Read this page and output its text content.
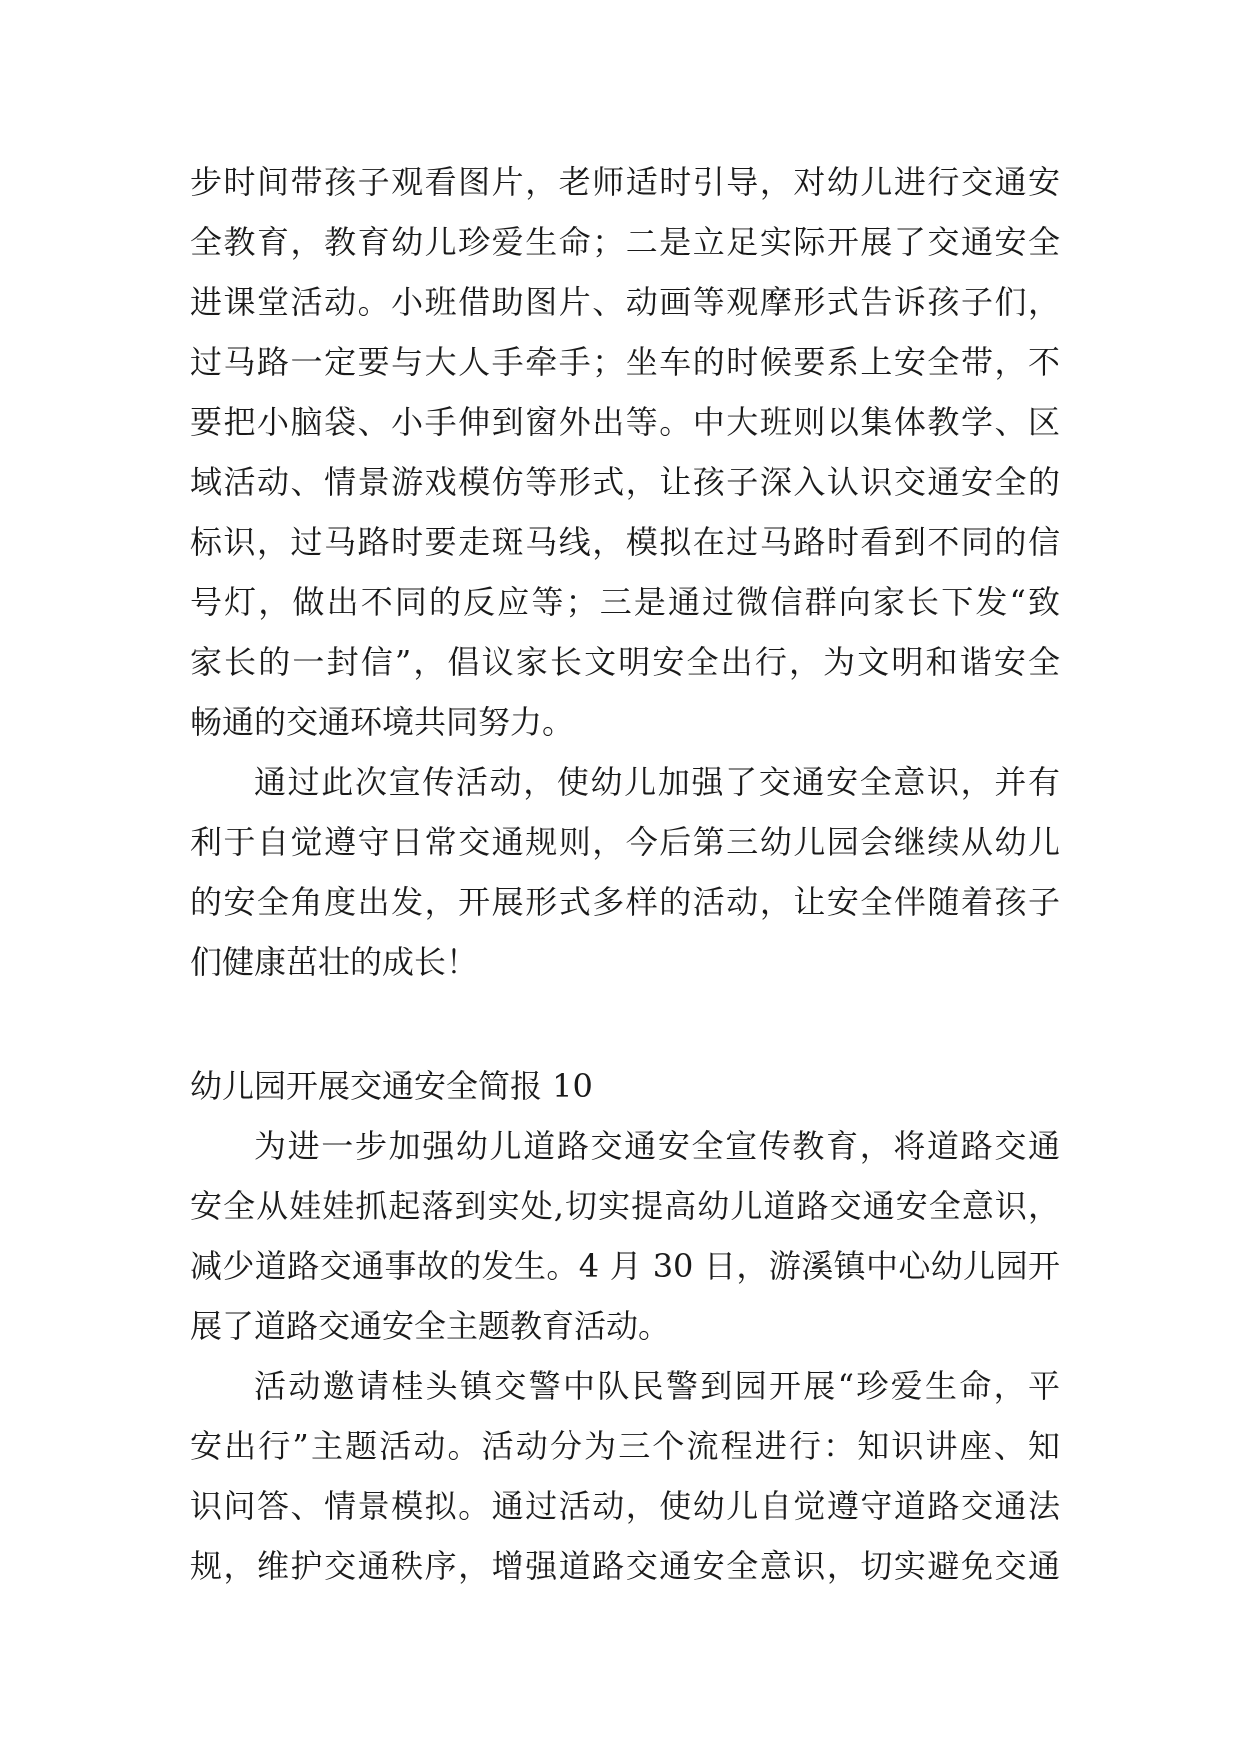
步时间带孩子观看图片，老师适时引导，对幼儿进行交通安
全教育，教育幼儿珍爱生命；二是立足实际开展了交通安全
进课堂活动。小班借助图片、动画等观摩形式告诉孩子们，
过马路一定要与大人手牵手；坐车的时候要系上安全带，不
要把小脑袋、小手伸到窗外出等。中大班则以集体教学、区
域活动、情景游戏模仿等形式，让孩子深入认识交通安全的
标识，过马路时要走斑马线，模拟在过马路时看到不同的信
号灯，做出不同的反应等；三是通过微信群向家长下发“致
家长的一封信”，倡议家长文明安全出行，为文明和谐安全
畅通的交通环境共同努力。
通过此次宣传活动，使幼儿加强了交通安全意识，并有
利于自觉遵守日常交通规则，今后第三幼儿园会继续从幼儿
的安全角度出发，开展形式多样的活动，让安全伴随着孩子
们健康茁壮的成长！
幼儿园开展交通安全简报 10
为进一步加强幼儿道路交通安全宣传教育，将道路交通
安全从娃娃抓起落到实处,切实提高幼儿道路交通安全意识，
减少道路交通事故的发生。4 月 30 日，游溪镇中心幼儿园开
展了道路交通安全主题教育活动。
活动邀请桂头镇交警中队民警到园开展“珍爱生命，平
安出行”主题活动。活动分为三个流程进行：知识讲座、知
识问答、情景模拟。通过活动，使幼儿自觉遵守道路交通法
规，维护交通秩序，增强道路交通安全意识，切实避免交通
